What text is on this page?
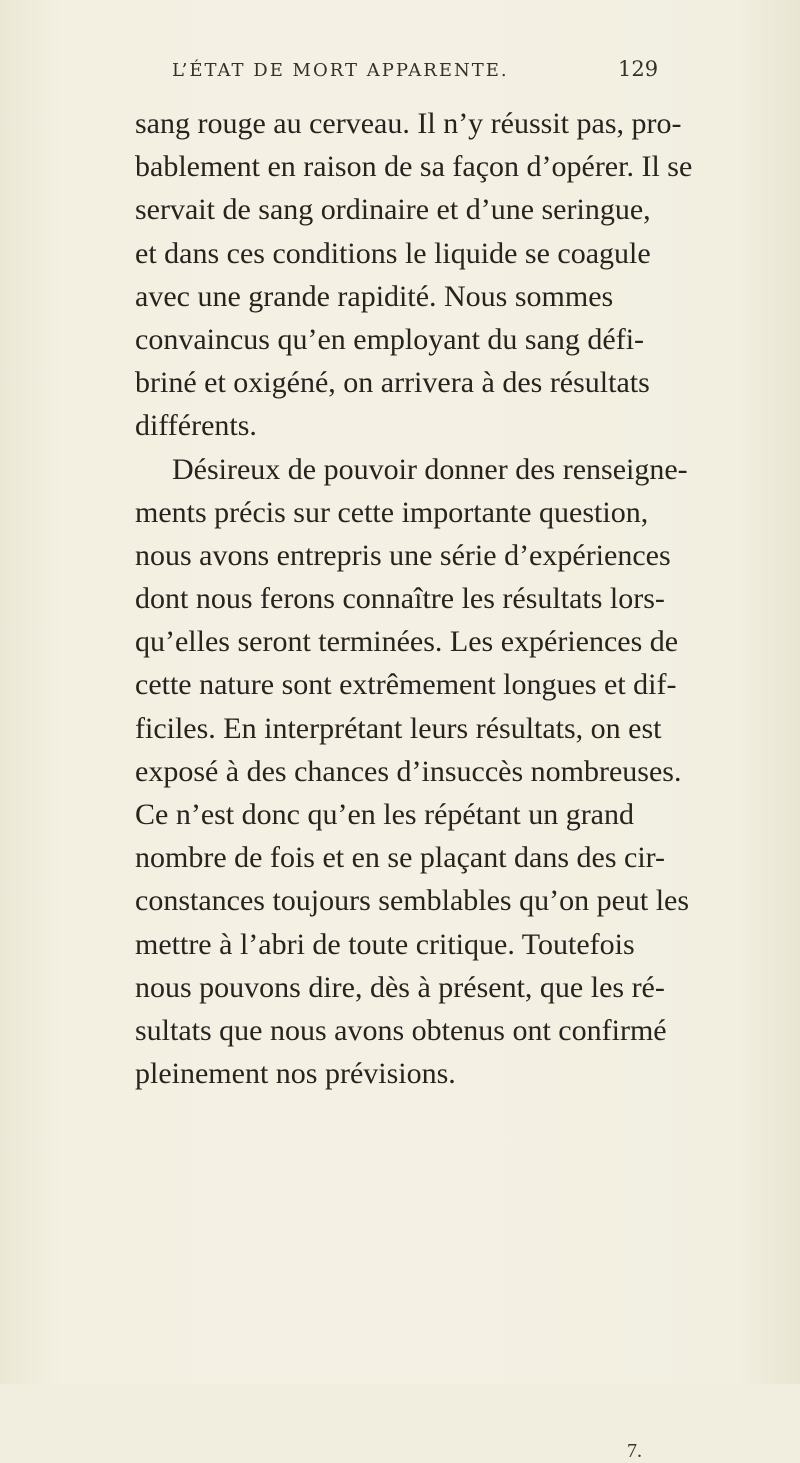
L’ÉTAT DE MORT APPARENTE.	129
sang rouge au cerveau. Il n’y réussit pas, pro-
bablement en raison de sa façon d’opérer. Il se
servait de sang ordinaire et d’une seringue,
et dans ces conditions le liquide se coagule
avec une grande rapidité. Nous sommes
convaincus qu’en employant du sang défi-
briné et oxigéné, on arrivera à des résultats
différents.
Désireux de pouvoir donner des renseigne-
ments précis sur cette importante question,
nous avons entrepris une série d’expériences
dont nous ferons connaître les résultats lors-
qu’elles seront terminées. Les expériences de
cette nature sont extrêmement longues et dif-
ficiles. En interprétant leurs résultats, on est
exposé à des chances d’insuccès nombreuses.
Ce n’est donc qu’en les répétant un grand
nombre de fois et en se plaçant dans des cir-
constances toujours semblables qu’on peut les
mettre à l’abri de toute critique. Toutefois
nous pouvons dire, dès à présent, que les ré-
sultats que nous avons obtenus ont confirmé
pleinement nos prévisions.
7.
